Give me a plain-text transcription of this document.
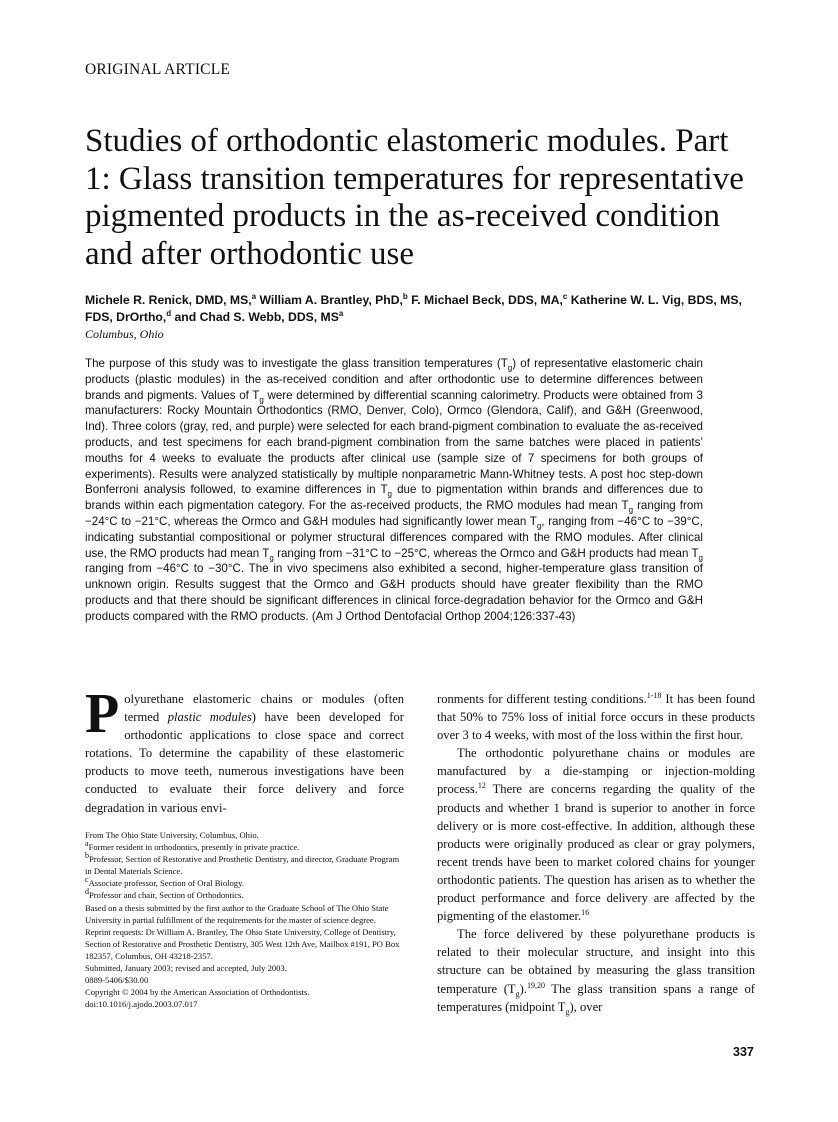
ORIGINAL ARTICLE
Studies of orthodontic elastomeric modules. Part 1: Glass transition temperatures for representative pigmented products in the as-received condition and after orthodontic use
Michele R. Renick, DMD, MS,$^a$ William A. Brantley, PhD,$^b$ F. Michael Beck, DDS, MA,$^c$ Katherine W. L. Vig, BDS, MS, FDS, DrOrtho,$^d$ and Chad S. Webb, DDS, $MS^a$
Columbus, Ohio

The purpose of this study was to investigate the glass transition temperatures $(T_g)$ of representative elastomeric chain products (plastic modules) in the as-received condition and after orthodontic use to determine differences between brands and pigments. Values of $T_g$ were determined by differential scanning calorimetry. Products were obtained from 3 manufacturers: Rocky Mountain Orthodontics (RMO, Denver, Colo), Ormco (Glendora, Calif), and G&H (Greenwood, Ind). Three colors (gray, red, and purple) were selected for each brand-pigment combination to evaluate the as-received products, and test specimens for each brand-pigment combination from the same batches were placed in patients’ mouths for 4 weeks to evaluate the products after clinical use (sample size of 7 specimens for both groups of experiments). Results were analyzed statistically by multiple nonparametric Mann-Whitney tests. A post hoc step-down Bonferroni analysis followed, to examine differences in $T_g$ due to pigmentation within brands and differences due to brands within each pigmentation category. For the as-received products, the RMO modules had mean $T_g$ ranging from −24°C to −21°C, whereas the Ormco and G&H modules had significantly lower mean $T_g$, ranging from −46°C to −39°C, indicating substantial compositional or polymer structural differences compared with the RMO modules. After clinical use, the RMO products had mean $T_g$ ranging from −31°C to −25°C, whereas the Ormco and G&H products had mean $T_g$ ranging from −46°C to −30°C. The in vivo specimens also exhibited a second, higher-temperature glass transition of unknown origin. Results suggest that the Ormco and G&H products should have greater flexibility than the RMO products and that there should be significant differences in clinical force-degradation behavior for the Ormco and G&H products compared with the RMO products. (Am J Orthod Dentofacial Orthop 2004;126:337-43)

Polyurethane elastomeric chains or modules (often termed plastic modules) have been developed for orthodontic applications to close space and correct rotations. To determine the capability of these elastomeric products to move teeth, numerous investigations have been conducted to evaluate their force delivery and force degradation in various envi-

From The Ohio State University, Columbus, Ohio.

$^a$Former resident in orthodontics, presently in private practice.

$^b$Professor, Section of Restorative and Prosthetic Dentistry, and director, Graduate Program in Dental Materials Science.

$^c$Associate professor, Section of Oral Biology.

$^d$Professor and chair, Section of Orthodontics.

Based on a thesis submitted by the first author to the Graduate School of The Ohio State University in partial fulfillment of the requirements for the master of science degree.

Reprint requests: Dr William A. Brantley, The Ohio State University, College of Dentistry, Section of Restorative and Prosthetic Dentistry, 305 West 12th Ave, Mailbox #191, PO Box 182357, Columbus, OH 43218-2357.

Submitted, January 2003; revised and accepted, July 2003.

0889-5406/$30.00

Copyright © 2004 by the American Association of Orthodontists.

doi:10.1016/j.ajodo.2003.07.017

ronments for different testing conditions.$^{1-18}$ It has been found that 50% to 75% loss of initial force occurs in these products over 3 to 4 weeks, with most of the loss within the first hour.

The orthodontic polyurethane chains or modules are manufactured by a die-stamping or injection-molding process.$^{12}$ There are concerns regarding the quality of the products and whether 1 brand is superior to another in force delivery or is more cost-effective. In addition, although these products were originally produced as clear or gray polymers, recent trends have been to market colored chains for younger orthodontic patients. The question has arisen as to whether the product performance and force delivery are affected by the pigmenting of the elastomer.$^{16}$

The force delivered by these polyurethane products is related to their molecular structure, and insight into this structure can be obtained by measuring the glass transition temperature $(T_g).^{19,20}$ The glass transition spans a range of temperatures (midpoint $T_g$), over

337
